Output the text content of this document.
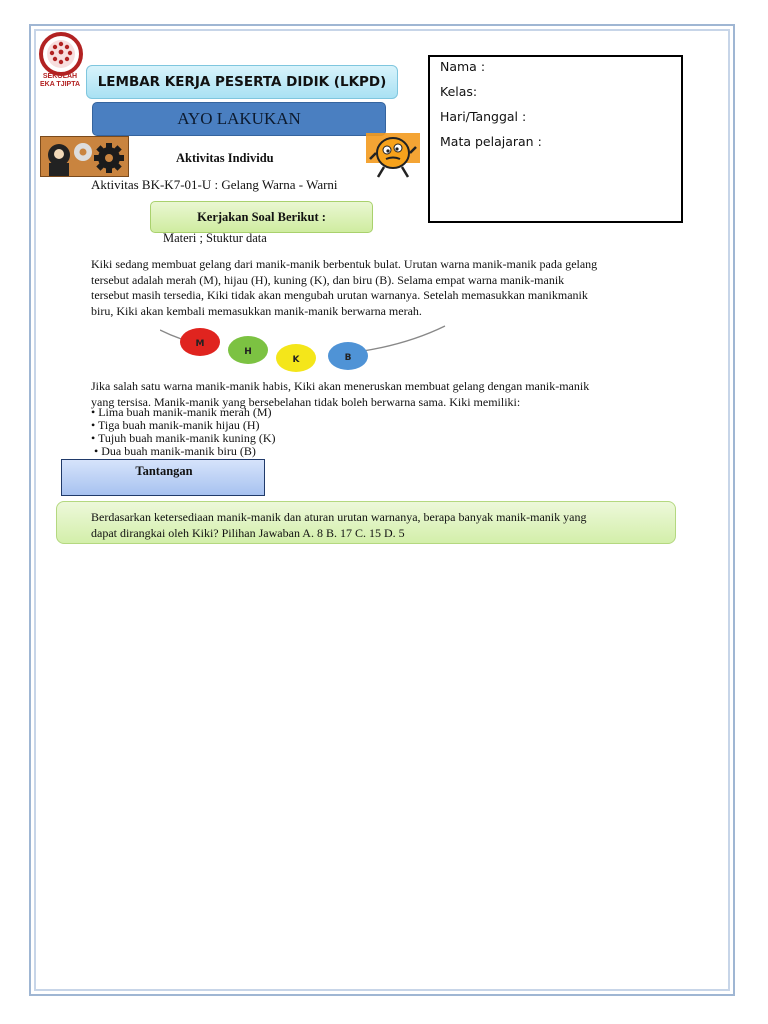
SEKOLAH
EKA TJIPTA	LEMBAR KERJA PESERTA DIDIK (LKPD)
AYO LAKUKAN
Nama :
Kelas:
Hari/Tanggal :
Mata pelajaran :
Aktivitas Individu
Aktivitas BK-K7-01-U : Gelang Warna - Warni
Kerjakan Soal Berikut :
Materi ; Stuktur data
Kiki sedang membuat gelang dari manik-manik berbentuk bulat. Urutan warna manik-manik pada gelang
tersebut adalah merah (M), hijau (H), kuning (K), dan biru (B). Selama empat warna manik-manik
tersebut masih tersedia, Kiki tidak akan mengubah urutan warnanya. Setelah memasukkan manikmanik
biru, Kiki akan kembali memasukkan manik-manik berwarna merah.
M
H
K	B
Jika salah satu warna manik-manik habis, Kiki akan meneruskan membuat gelang dengan manik-manik
yang tersisa. Manik-manik yang bersebelahan tidak boleh berwarna sama. Kiki memiliki:
• Lima buah manik-manik merah (M)
• Tiga buah manik-manik hijau (H)
• Tujuh buah manik-manik kuning (K)
• Dua buah manik-manik biru (B)
Tantangan
Berdasarkan ketersediaan manik-manik dan aturan urutan warnanya, berapa banyak manik-manik yang
dapat dirangkai oleh Kiki? Pilihan Jawaban A. 8 B. 17 C. 15 D. 5
